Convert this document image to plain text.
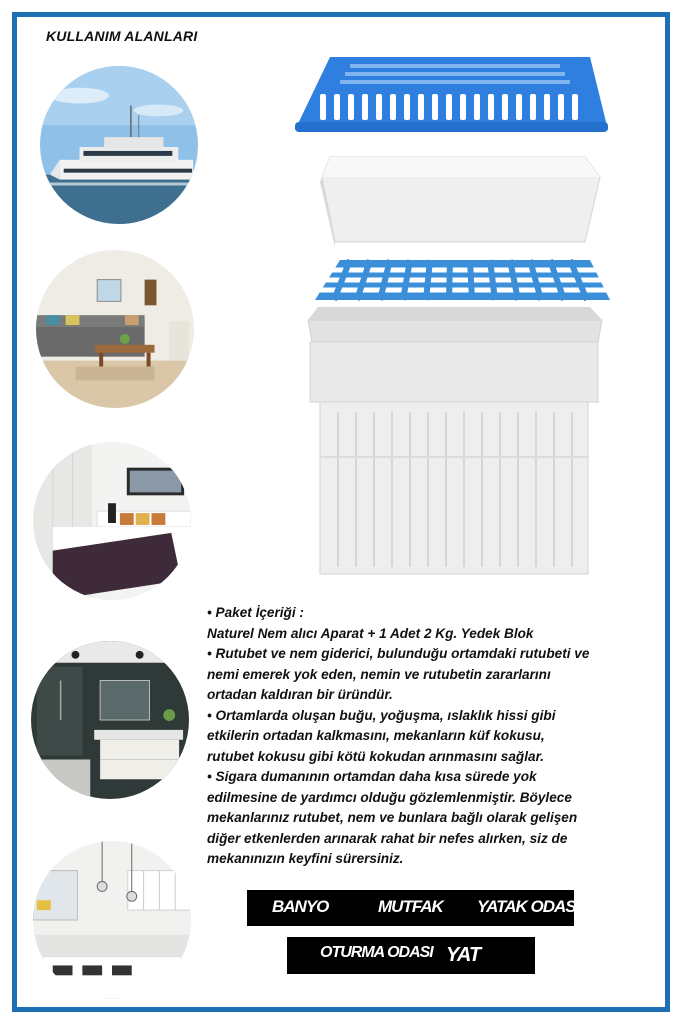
KULLANIM ALANLARI

• Paket İçeriği :

Naturel Nem alıcı Aparat + 1 Adet 2 Kg. Yedek Blok

• Rutubet ve nem giderici, bulunduğu ortamdaki rutubeti ve

nemi emerek yok eden, nemin ve rutubetin zararlarını

ortadan kaldıran bir üründür.

• Ortamlarda oluşan buğu, yoğuşma, ıslaklık hissi gibi

etkilerin ortadan kalkmasını, mekanların küf kokusu,

rutubet kokusu gibi kötü kokudan arınmasını sağlar.

• Sigara dumanının ortamdan daha kısa sürede yok

edilmesine de yardımcı olduğu gözlemlenmiştir. Böylece

mekanlarınız rutubet, nem ve bunlara bağlı olarak gelişen

diğer etkenlerden arınarak rahat bir nefes alırken, siz de

mekanınızın keyfini sürersiniz.

BANYO	MUTFAK YATAK ODASI
OTURMA ODASI YAT
